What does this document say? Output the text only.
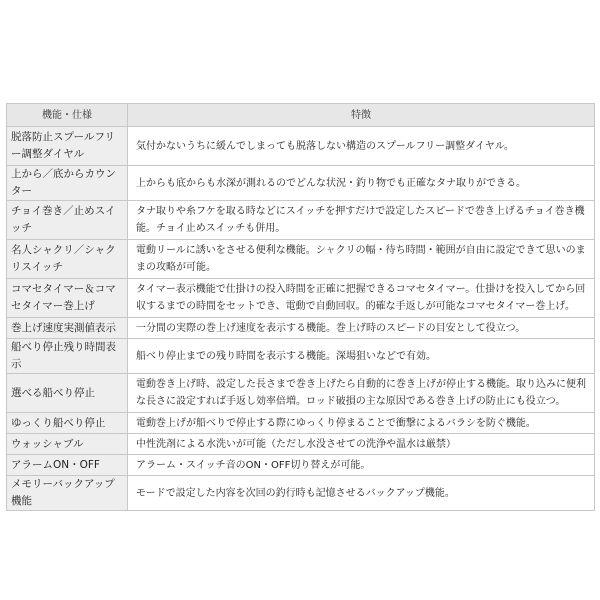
機能・仕様	特徴
脱落防止スプールフリー調整ダイヤル	気付かないうちに緩んでしまっても脱落しない構造のスプールフリー調整ダイヤル。
上から／底からカウンター	上からも底からも水深が測れるのでどんな状況・釣り物でも正確なタナ取りができる。
チョイ巻き／止めスイッチ	タナ取りや糸フケを取る時などにスイッチを押すだけで設定したスピードで巻き上げるチョイ巻き機能。チョイ止めスイッチも併用。
名人シャクリ／シャクリスイッチ	電動リールに誘いをさせる便利な機能。シャクリの幅・待ち時間・範囲が自由に設定できて思いのままの攻略が可能。
コマセタイマー＆コマセタイマー巻上げ	タイマー表示機能で仕掛けの投入時間を正確に把握できるコマセタイマー。仕掛けを投入してから回収するまでの時間をセットでき、電動で自動回収。的確な手返しが可能なコマセタイマー巻上げ。
巻上げ速度実測値表示	一分間の実際の巻上げ速度を表示する機能。巻上げ時のスピードの目安として役立つ。
船べり停止残り時間表示	船べり停止までの残り時間を表示する機能。深場狙いなどで有効。
選べる船べり停止	電動巻き上げ時、設定した長さまで巻き上げたら自動的に巻き上げが停止する機能。取り込みに便利な長さに設定すれば手返し効率倍増。ロッド破損の主な原因である巻き上げの防止にも役立つ。
ゆっくり船べり停止	電動巻上げが船べりで停止する際にゆっくり停まることで衝撃によるバラシを防ぐ機能。
ウォッシャブル	中性洗剤による水洗いが可能（ただし水没させての洗浄や温水は厳禁）
アラームON・OFF	アラーム・スイッチ音のON・OFF切り替えが可能。
メモリーバックアップ機能	モードで設定した内容を次回の釣行時も記憶させるバックアップ機能。
